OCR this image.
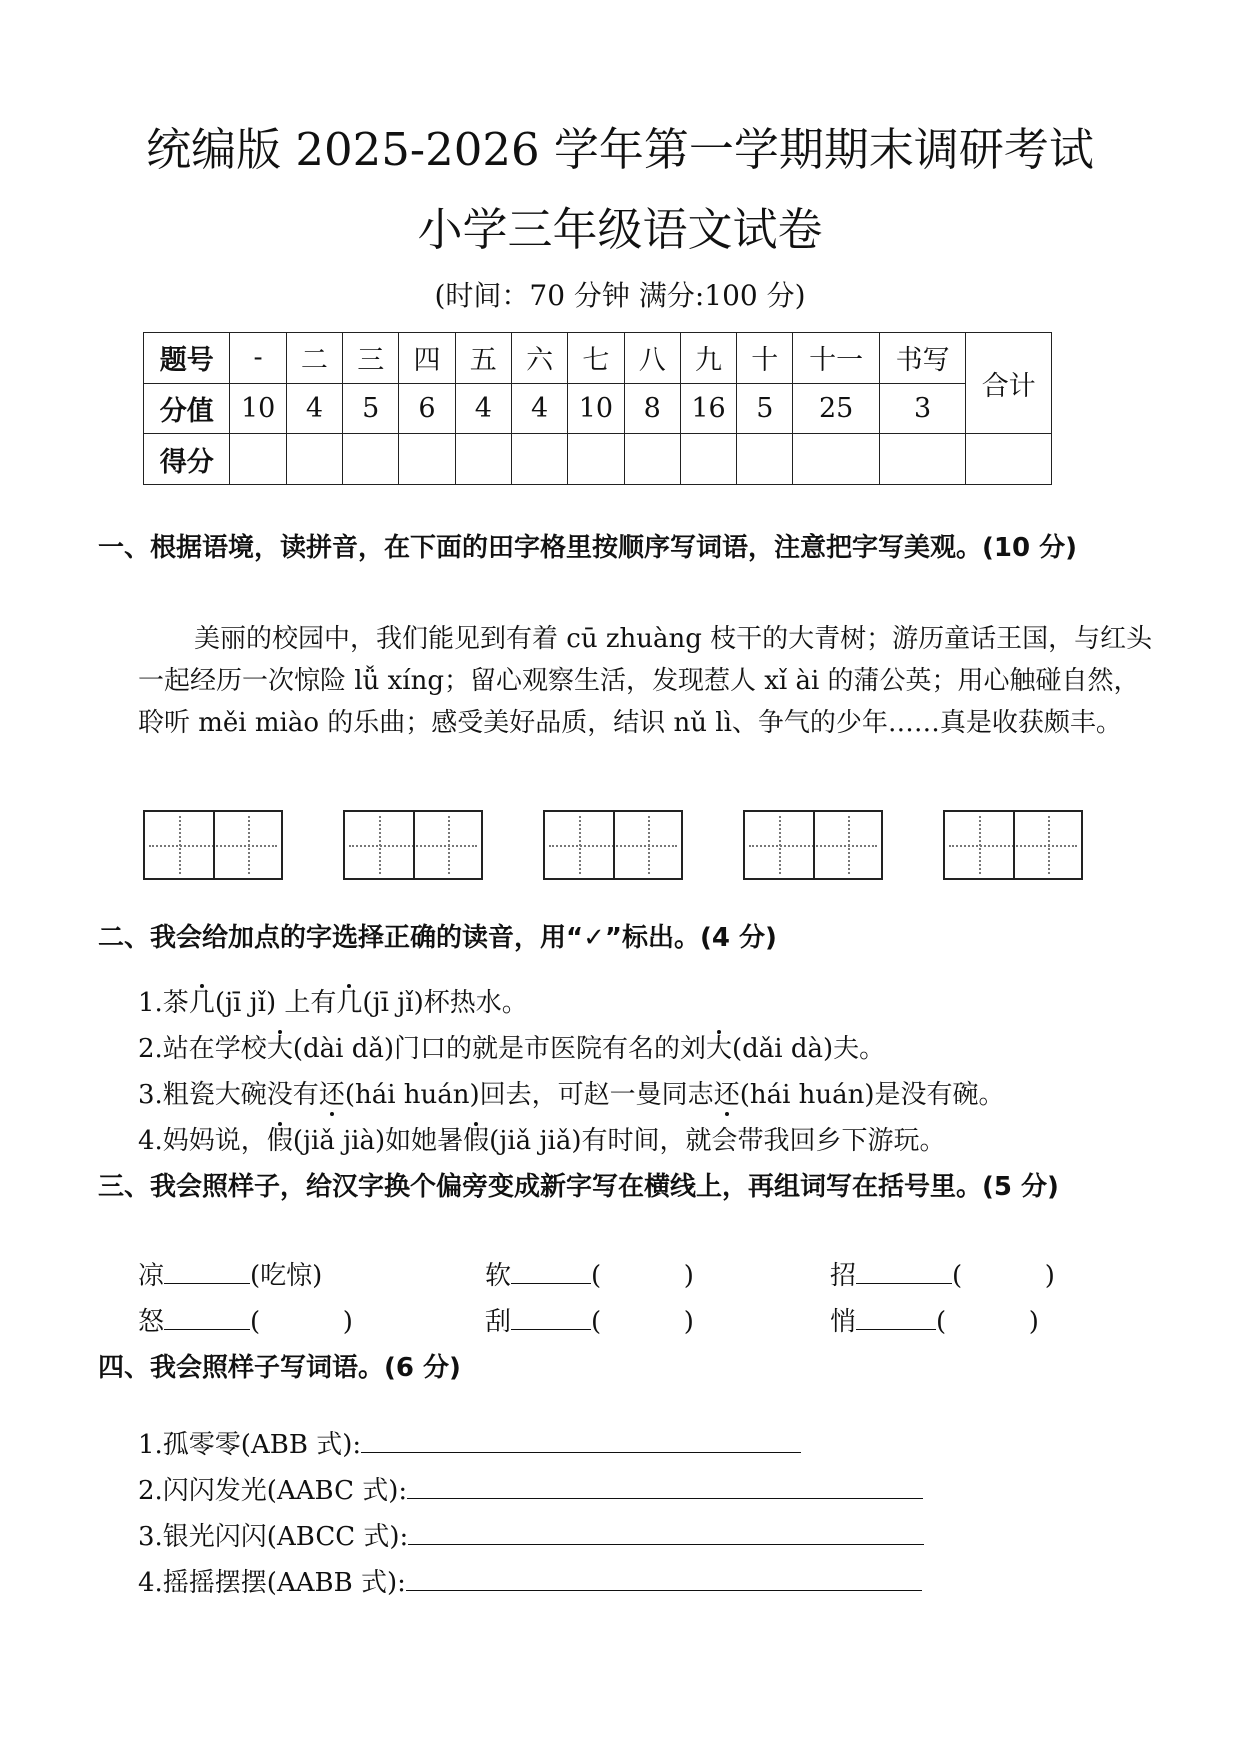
统编版 2025-2026 学年第一学期期末调研考试
小学三年级语文试卷
(时间：70 分钟 满分:100 分)
题号	-	二	三	四	五	六	七	八	九	十	十一	书写	合计
分值	10	4	5	6	4	4	10	8	16	5	25	3	
得分													
一、根据语境，读拼音，在下面的田字格里按顺序写词语，注意把字写美观。(10 分)
美丽的校园中，我们能见到有着 cū zhuàng 枝干的大青树；游历童话王国，与红头一起经历一次惊险 lǚ xíng；留心观察生活，发现惹人 xǐ ài 的蒲公英；用心触碰自然，聆听 měi miào 的乐曲；感受美好品质，结识 nǔ lì、争气的少年……真是收获颇丰。
二、我会给加点的字选择正确的读音，用“✓”标出。(4 分)
1.茶几(jī jǐ) 上有几(jī jǐ)杯热水。
2.站在学校大(dài dǎ)门口的就是市医院有名的刘大(dǎi dà)夫。
3.粗瓷大碗没有还(hái huán)回去，可赵一曼同志还(hái huán)是没有碗。
4.妈妈说，假(jiǎ jià)如她暑假(jiǎ jiǎ)有时间，就会带我回乡下游玩。
三、我会照样子，给汉字换个偏旁变成新字写在横线上，再组词写在括号里。(5 分)
凉	(吃惊)	软	(          )	招	(          )
怒	(          )	刮	(          )	悄	(          )
四、我会照样子写词语。(6 分)
1.孤零零(ABB 式):
2.闪闪发光(AABC 式):
3.银光闪闪(ABCC 式):
4.摇摇摆摆(AABB 式):
